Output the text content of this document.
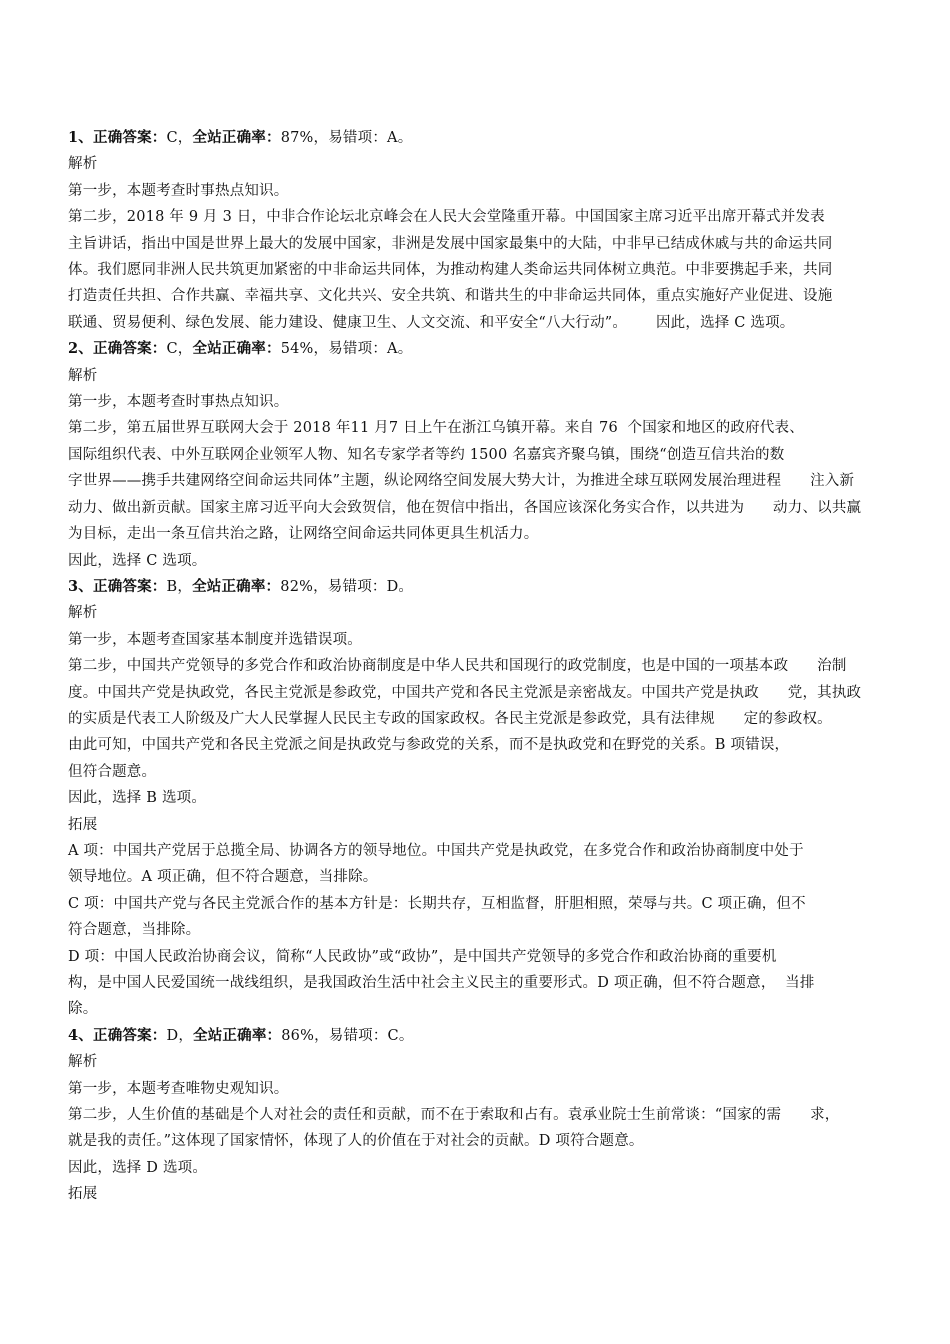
1、正确答案：C，全站正确率：87%，易错项：A。
解析
第一步，本题考查时事热点知识。
第二步，2018 年 9 月 3 日，中非合作论坛北京峰会在人民大会堂隆重开幕。中国国家主席习近平出席开幕式并发表
主旨讲话，指出中国是世界上最大的发展中国家，非洲是发展中国家最集中的大陆，中非早已结成休戚与共的命运共同
体。我们愿同非洲人民共筑更加紧密的中非命运共同体，为推动构建人类命运共同体树立典范。中非要携起手来，共同
打造责任共担、合作共赢、幸福共享、文化共兴、安全共筑、和谐共生的中非命运共同体，重点实施好产业促进、设施
联通、贸易便利、绿色发展、能力建设、健康卫生、人文交流、和平安全“八大行动”。      因此，选择 C 选项。
2、正确答案：C，全站正确率：54%，易错项：A。
解析
第一步，本题考查时事热点知识。
第二步，第五届世界互联网大会于 2018 年11 月7 日上午在浙江乌镇开幕。来自 76  个国家和地区的政府代表、
国际组织代表、中外互联网企业领军人物、知名专家学者等约 1500 名嘉宾齐聚乌镇，围绕“创造互信共治的数
字世界——携手共建网络空间命运共同体”主题，纵论网络空间发展大势大计，为推进全球互联网发展治理进程      注入新
动力、做出新贡献。国家主席习近平向大会致贺信，他在贺信中指出，各国应该深化务实合作，以共进为      动力、以共赢
为目标，走出一条互信共治之路，让网络空间命运共同体更具生机活力。
因此，选择 C 选项。
3、正确答案：B，全站正确率：82%，易错项：D。
解析
第一步，本题考查国家基本制度并选错误项。
第二步，中国共产党领导的多党合作和政治协商制度是中华人民共和国现行的政党制度，也是中国的一项基本政      治制
度。中国共产党是执政党，各民主党派是参政党，中国共产党和各民主党派是亲密战友。中国共产党是执政      党，其执政
的实质是代表工人阶级及广大人民掌握人民民主专政的国家政权。各民主党派是参政党，具有法律规      定的参政权。
由此可知，中国共产党和各民主党派之间是执政党与参政党的关系，而不是执政党和在野党的关系。B 项错误，
但符合题意。
因此，选择 B 选项。
拓展
A 项：中国共产党居于总揽全局、协调各方的领导地位。中国共产党是执政党，在多党合作和政治协商制度中处于
领导地位。A 项正确，但不符合题意，当排除。
C 项：中国共产党与各民主党派合作的基本方针是：长期共存，互相监督，肝胆相照，荣辱与共。C 项正确，但不
符合题意，当排除。
D 项：中国人民政治协商会议，简称“人民政协”或“政协”，是中国共产党领导的多党合作和政治协商的重要机
构，是中国人民爱国统一战线组织，是我国政治生活中社会主义民主的重要形式。D 项正确，但不符合题意，  当排
除。
4、正确答案：D，全站正确率：86%，易错项：C。
解析
第一步，本题考查唯物史观知识。
第二步，人生价值的基础是个人对社会的责任和贡献，而不在于索取和占有。袁承业院士生前常谈：“国家的需      求，
就是我的责任。”这体现了国家情怀，体现了人的价值在于对社会的贡献。D 项符合题意。
因此，选择 D 选项。
拓展
